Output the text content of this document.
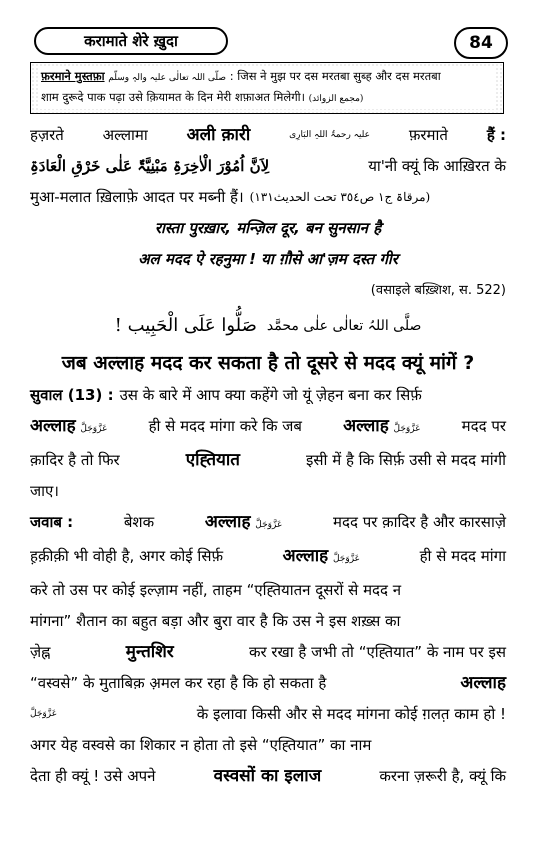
करामाते शेरे ख़ुदा	84
फ़रमाने मुस्तफ़ा صلّی اللہ تعالٰی علیہ والہٖ وسلّم : जिस ने मुझ पर दस मरतबा सुब्ह और दस मरतबा
शाम दुरूदे पाक पढ़ा उसे क़ियामत के दिन मेरी शफ़ाअत मिलेगी। (مجمع الزوائد)
हज़रते	अल्लामा अली क़ारी	علیہ رحمۃُ اللہِ البَارِی	फ़रमाते	हैं :
لِاَنَّ اُمُوْرَ الْاٰخِرَۃِ مَبْنِیَّۃٌ عَلٰی خَرْقِ الْعَادَۃِ	या'नी क्यूं कि आख़िरत के
मुआ-मलात ख़िलाफ़े आदत पर मब्नी हैं। (مرقاۃ ج١ ص٣٥٤ تحت الحدیث١٣١)
रास्ता पुरख़ार, मन्ज़िल दूर, बन सुनसान है
अल मदद ऐ रहनुमा ! या ग़ौसे आ'ज़म दस्त गीर
(वसाइले बख़्शिश, स. 522)
صَلُّوا عَلَی الْحَبِیب ! صلَّی اللہُ تعالٰی علٰی محمَّد
जब अल्लाह मदद कर सकता है तो दूसरे से मदद क्यूं मांगें ?
सुवाल (13) : उस के बारे में आप क्या कहेंगे जो यूं ज़ेहन बना कर सिर्फ़
अल्लाह عَزَّوَجَلَّ	ही से मदद मांगा करे कि जब अल्लाह عَزَّوَجَلَّ	मदद पर
क़ादिर है तो फिर	एह्तियात	इसी में है कि सिर्फ़ उसी से मदद मांगी
जाए।
जवाब :	बेशक	अल्लाह عَزَّوَجَلَّ	मदद पर क़ादिर है और कारसाज़े
ह़क़ीक़ी भी वोही है, अगर कोई सिर्फ़	अल्लाह عَزَّوَجَلَّ	ही से मदद मांगा
करे तो उस पर कोई इल्ज़ाम नहीं, ताहम “एह्तियातन दूसरों से मदद न
मांगना” शैतान का बहुत बड़ा और बुरा वार है कि उस ने इस शख़्स का
ज़ेह्न	मुन्तशिर	कर रखा है जभी तो “एह्तियात” के नाम पर इस
“वस्वसे” के मुताबिक़ अ़मल कर रहा है कि हो सकता है	अल्लाह
عَزَّوَجَلَّ	के इलावा किसी और से मदद मांगना कोई ग़लत़ काम हो !
अगर येह वस्वसे का शिकार न होता तो इसे “एह्तियात” का नाम
देता ही क्यूं ! उसे अपने	वस्वसों का इलाज	करना ज़रूरी है, क्यूं कि
